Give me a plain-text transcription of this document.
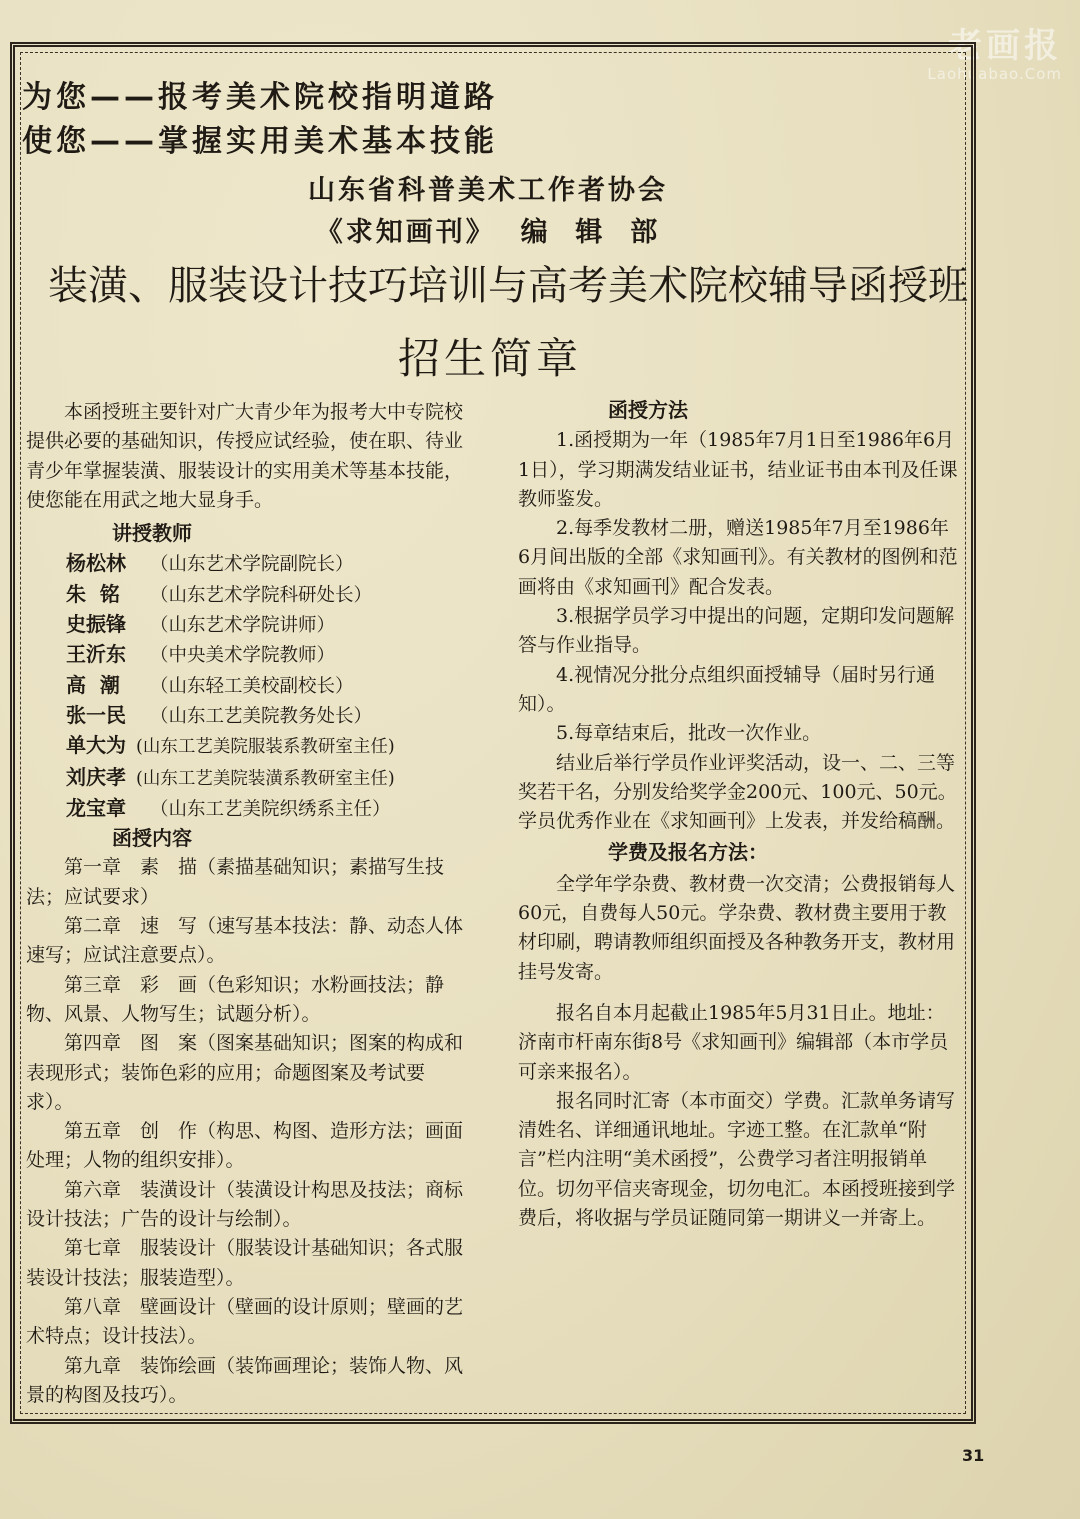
老画报
Laohuabao.Com
为您——报考美术院校指明道路
使您——掌握实用美术基本技能
山东省科普美术工作者协会
《求知画刊》  编  辑  部
装潢、服装设计技巧培训与高考美术院校辅导函授班
招生简章

本函授班主要针对广大青少年为报考大中专院校提供必要的基础知识，传授应试经验，使在职、待业青少年掌握装潢、服装设计的实用美术等基本技能，使您能在用武之地大显身手。

讲授教师

杨松林 （山东艺术学院副院长）
朱  铭 （山东艺术学院科研处长）
史振锋 （山东艺术学院讲师）
王沂东 （中央美术学院教师）
高  潮 （山东轻工美校副校长）
张一民 （山东工艺美院教务处长）
单大为 (山东工艺美院服装系教研室主任)
刘庆孝 (山东工艺美院装潢系教研室主任)
龙宝章 （山东工艺美院织绣系主任）

函授内容

第一章　素　描（素描基础知识；素描写生技法；应试要求）

第二章　速　写（速写基本技法：静、动态人体速写；应试注意要点）。

第三章　彩　画（色彩知识；水粉画技法；静物、风景、人物写生；试题分析）。

第四章　图　案（图案基础知识；图案的构成和表现形式；装饰色彩的应用；命题图案及考试要求）。

第五章　创　作（构思、构图、造形方法；画面处理；人物的组织安排）。

第六章　装潢设计（装潢设计构思及技法；商标设计技法；广告的设计与绘制）。

第七章　服装设计（服装设计基础知识；各式服装设计技法；服装造型）。

第八章　壁画设计（壁画的设计原则；壁画的艺术特点；设计技法）。

第九章　装饰绘画（装饰画理论；装饰人物、风景的构图及技巧）。

函授方法

1.函授期为一年（1985年7月1日至1986年6月1日），学习期满发结业证书，结业证书由本刊及任课教师鉴发。

2.每季发教材二册，赠送1985年7月至1986年6月间出版的全部《求知画刊》。有关教材的图例和范画将由《求知画刊》配合发表。

3.根据学员学习中提出的问题，定期印发问题解答与作业指导。

4.视情况分批分点组织面授辅导（届时另行通知）。

5.每章结束后，批改一次作业。

结业后举行学员作业评奖活动，设一、二、三等奖若干名，分别发给奖学金200元、100元、50元。学员优秀作业在《求知画刊》上发表，并发给稿酬。

学费及报名方法：

全学年学杂费、教材费一次交清；公费报销每人60元，自费每人50元。学杂费、教材费主要用于教材印刷，聘请教师组织面授及各种教务开支，教材用挂号发寄。

报名自本月起截止1985年5月31日止。地址：济南市杆南东街8号《求知画刊》编辑部（本市学员可亲来报名）。

报名同时汇寄（本市面交）学费。汇款单务请写清姓名、详细通讯地址。字迹工整。在汇款单“附言”栏内注明“美术函授”，公费学习者注明报销单位。切勿平信夹寄现金，切勿电汇。本函授班接到学费后，将收据与学员证随同第一期讲义一并寄上。

31
